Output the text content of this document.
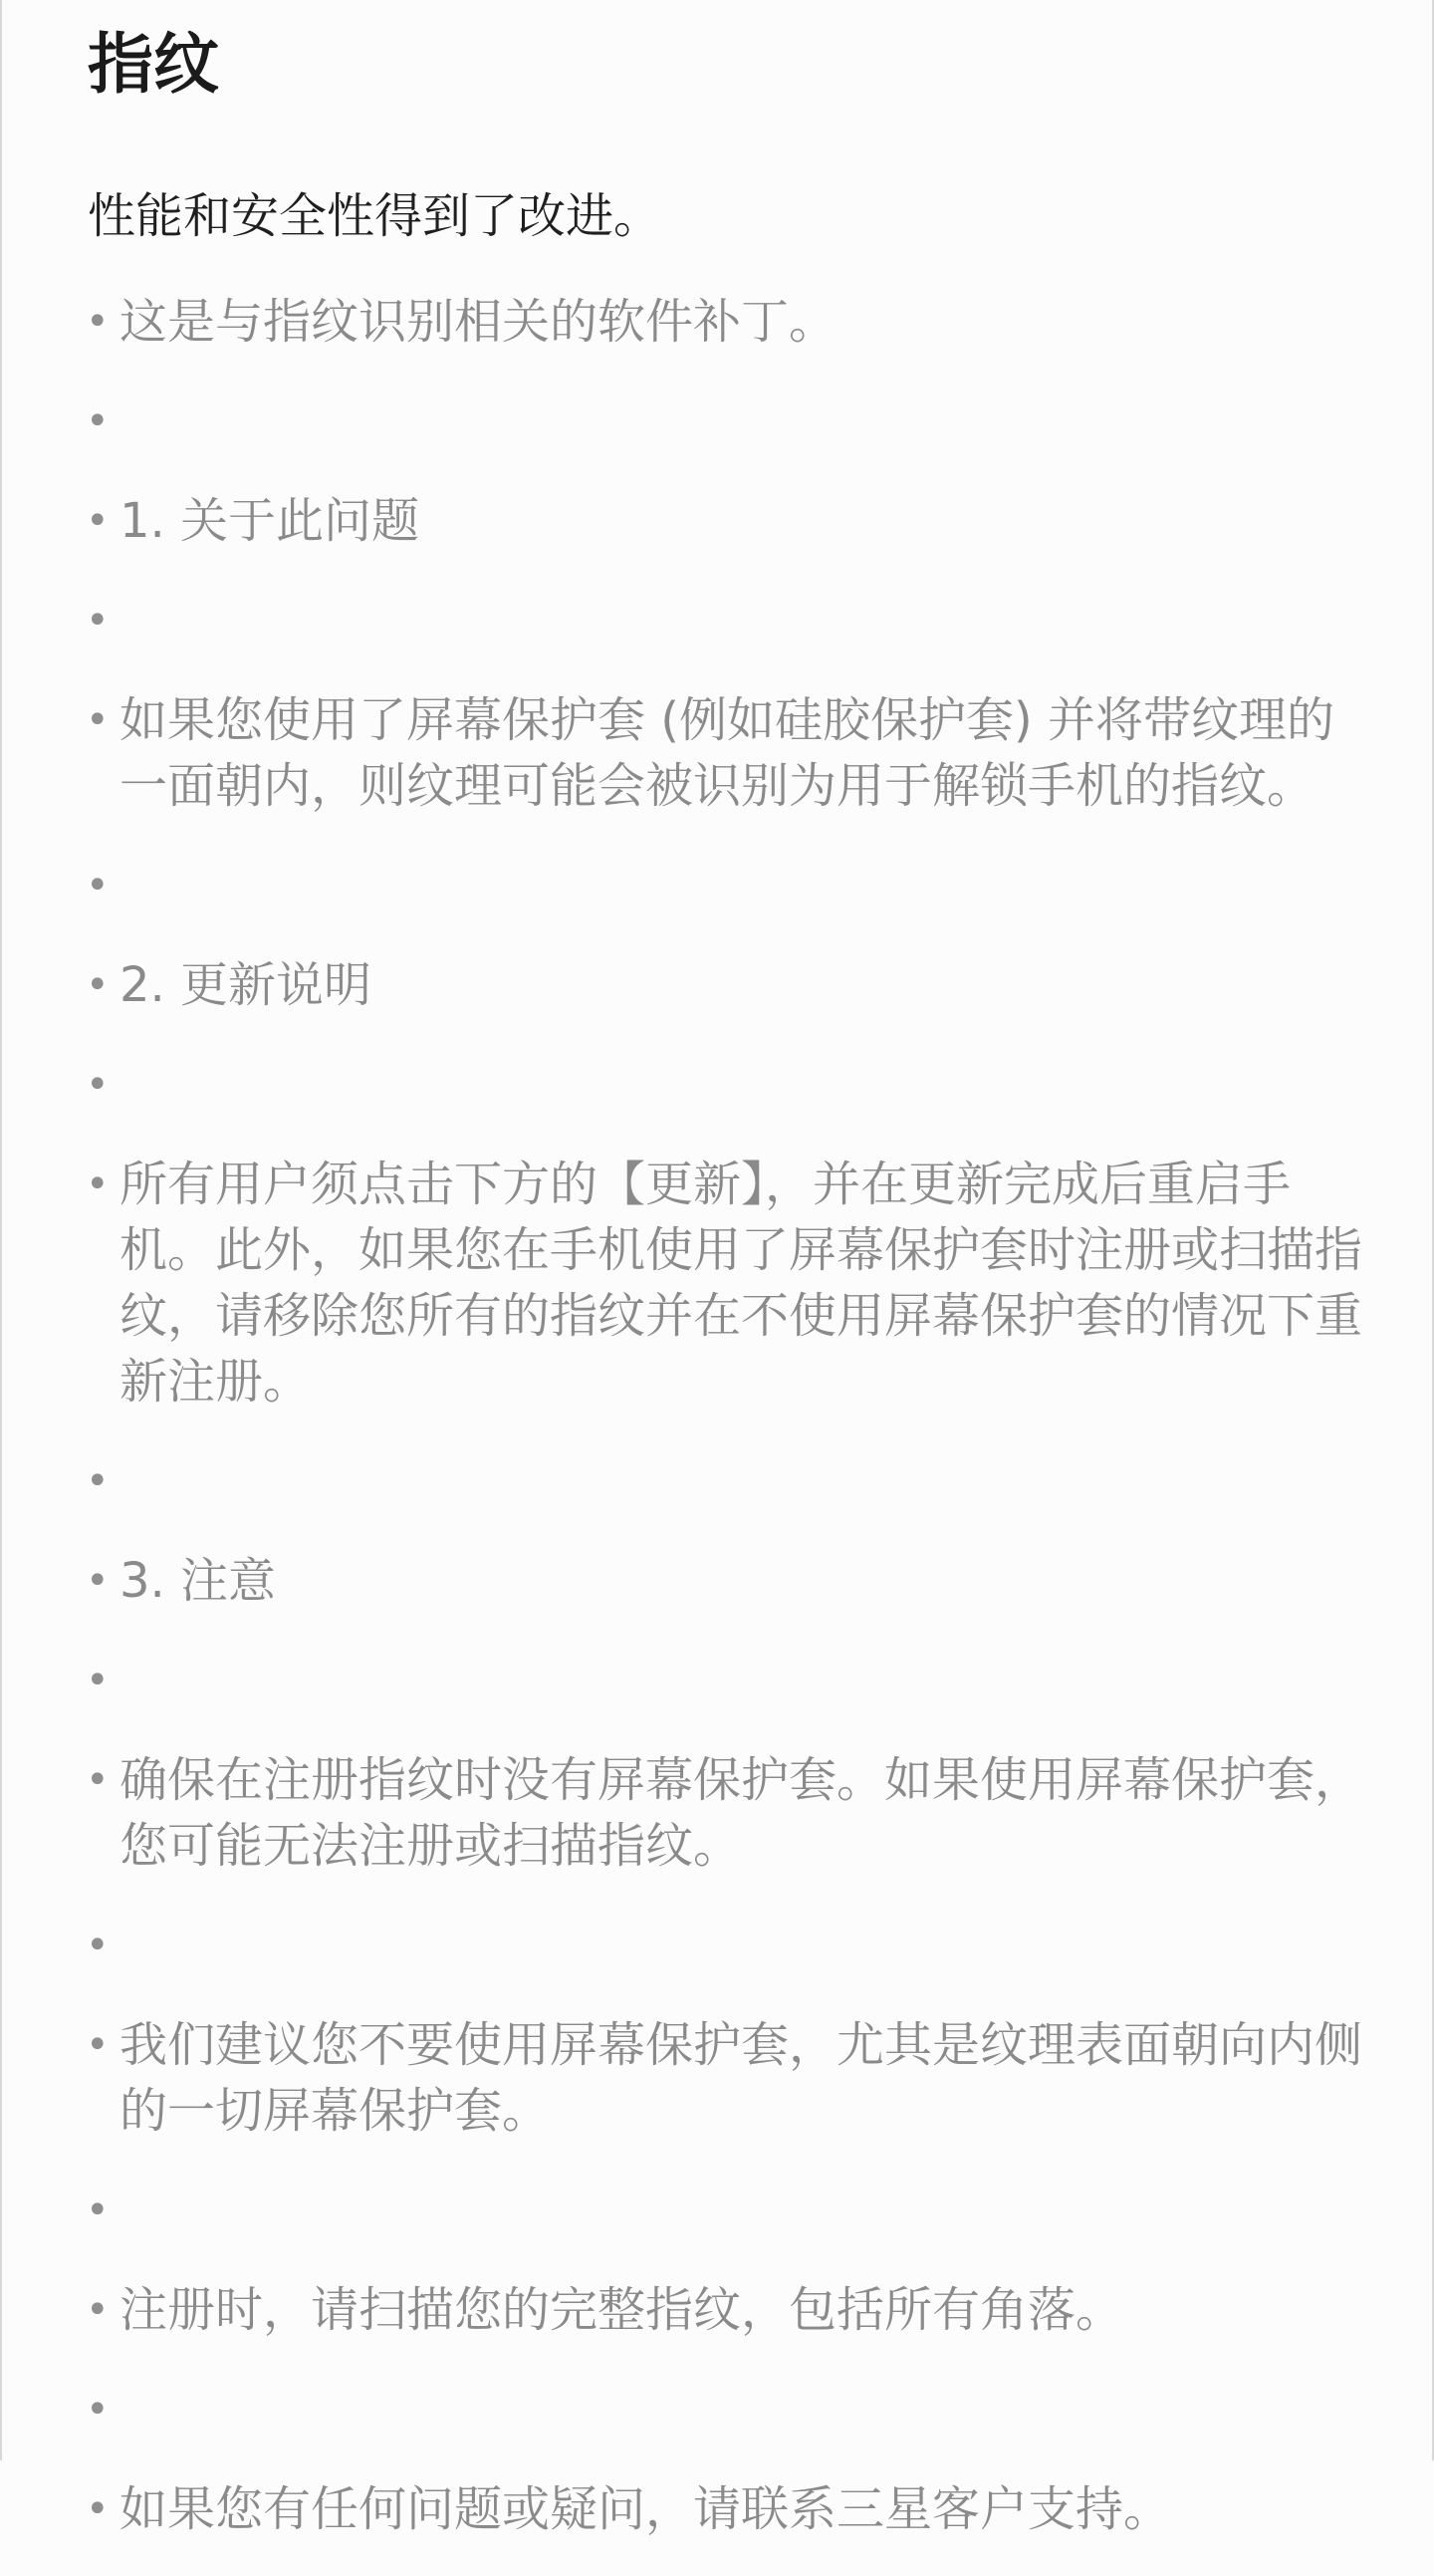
指纹
性能和安全性得到了改进。
• 这是与指纹识别相关的软件补丁。
•
• 1. 关于此问题
•
• 如果您使用了屏幕保护套 (例如硅胶保护套) 并将带纹理的一面朝内，则纹理可能会被识别为用于解锁手机的指纹。
•
• 2. 更新说明
•
• 所有用户须点击下方的【更新】，并在更新完成后重启手机。此外，如果您在手机使用了屏幕保护套时注册或扫描指纹，请移除您所有的指纹并在不使用屏幕保护套的情况下重新注册。
•
• 3. 注意
•
• 确保在注册指纹时没有屏幕保护套。如果使用屏幕保护套，您可能无法注册或扫描指纹。
•
• 我们建议您不要使用屏幕保护套，尤其是纹理表面朝向内侧的一切屏幕保护套。
•
• 注册时，请扫描您的完整指纹，包括所有角落。
•
• 如果您有任何问题或疑问，请联系三星客户支持。
